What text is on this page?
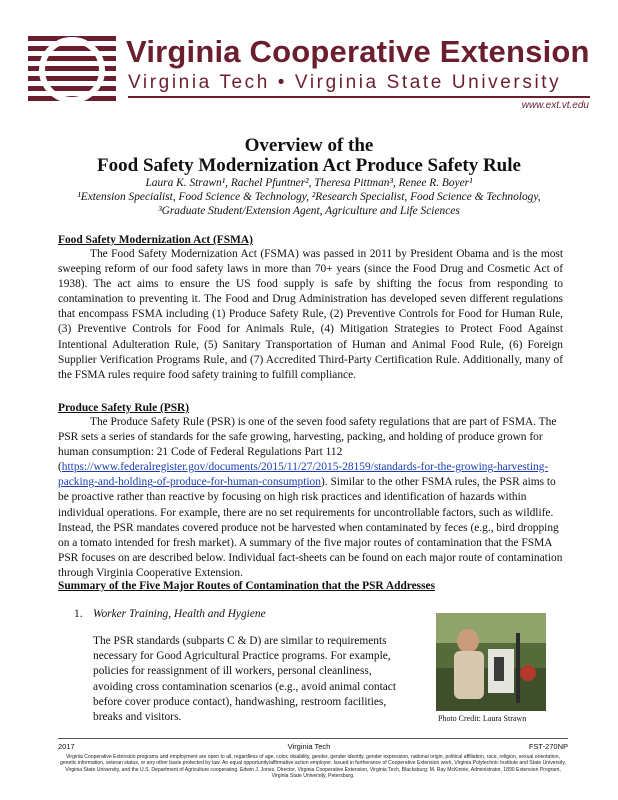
Virginia Cooperative Extension
Virginia Tech • Virginia State University
www.ext.vt.edu
Overview of the
Food Safety Modernization Act Produce Safety Rule
Laura K. Strawn¹, Rachel Pfuntner², Theresa Pittman³, Renee R. Boyer¹
¹Extension Specialist, Food Science & Technology, ²Research Specialist, Food Science & Technology,
³Graduate Student/Extension Agent, Agriculture and Life Sciences
Food Safety Modernization Act (FSMA)
The Food Safety Modernization Act (FSMA) was passed in 2011 by President Obama and is the most sweeping reform of our food safety laws in more than 70+ years (since the Food Drug and Cosmetic Act of 1938). The act aims to ensure the US food supply is safe by shifting the focus from responding to contamination to preventing it. The Food and Drug Administration has developed seven different regulations that encompass FSMA including (1) Produce Safety Rule, (2) Preventive Controls for Food for Human Rule, (3) Preventive Controls for Food for Animals Rule, (4) Mitigation Strategies to Protect Food Against Intentional Adulteration Rule, (5) Sanitary Transportation of Human and Animal Food Rule, (6) Foreign Supplier Verification Programs Rule, and (7) Accredited Third-Party Certification Rule. Additionally, many of the FSMA rules require food safety training to fulfill compliance.
Produce Safety Rule (PSR)
The Produce Safety Rule (PSR) is one of the seven food safety regulations that are part of FSMA. The PSR sets a series of standards for the safe growing, harvesting, packing, and holding of produce grown for human consumption: 21 Code of Federal Regulations Part 112 (https://www.federalregister.gov/documents/2015/11/27/2015-28159/standards-for-the-growing-harvesting-packing-and-holding-of-produce-for-human-consumption). Similar to the other FSMA rules, the PSR aims to be proactive rather than reactive by focusing on high risk practices and identification of hazards within individual operations. For example, there are no set requirements for uncontrollable factors, such as wildlife. Instead, the PSR mandates covered produce not be harvested when contaminated by feces (e.g., bird dropping on a tomato intended for fresh market). A summary of the five major routes of contamination that the FSMA PSR focuses on are described below. Individual fact-sheets can be found on each major route of contamination through Virginia Cooperative Extension.
Summary of the Five Major Routes of Contamination that the PSR Addresses
1. Worker Training, Health and Hygiene
The PSR standards (subparts C & D) are similar to requirements necessary for Good Agricultural Practice programs. For example, policies for reassignment of ill workers, personal cleanliness, avoiding cross contamination scenarios (e.g., avoid animal contact before cover produce contact), handwashing, restroom facilities, breaks and visitors.	Photo Credit: Laura Strawn
2017	Virginia Tech	FST-270NP
Virginia Cooperative Extension programs and employment are open to all, regardless of age, color, disability, gender, gender identity, gender expression, national origin, political affiliation, race, religion, sexual orientation, genetic information, veteran status, or any other basis protected by law. An equal opportunity/affirmative action employer. Issued in furtherance of Cooperative Extension work, Virginia Polytechnic Institute and State University, Virginia State University, and the U.S. Department of Agriculture cooperating. Edwin J. Jones, Director, Virginia Cooperative Extension, Virginia Tech, Blacksburg; M. Ray McKinnie, Administrator, 1890 Extension Program, Virginia State University, Petersburg.
